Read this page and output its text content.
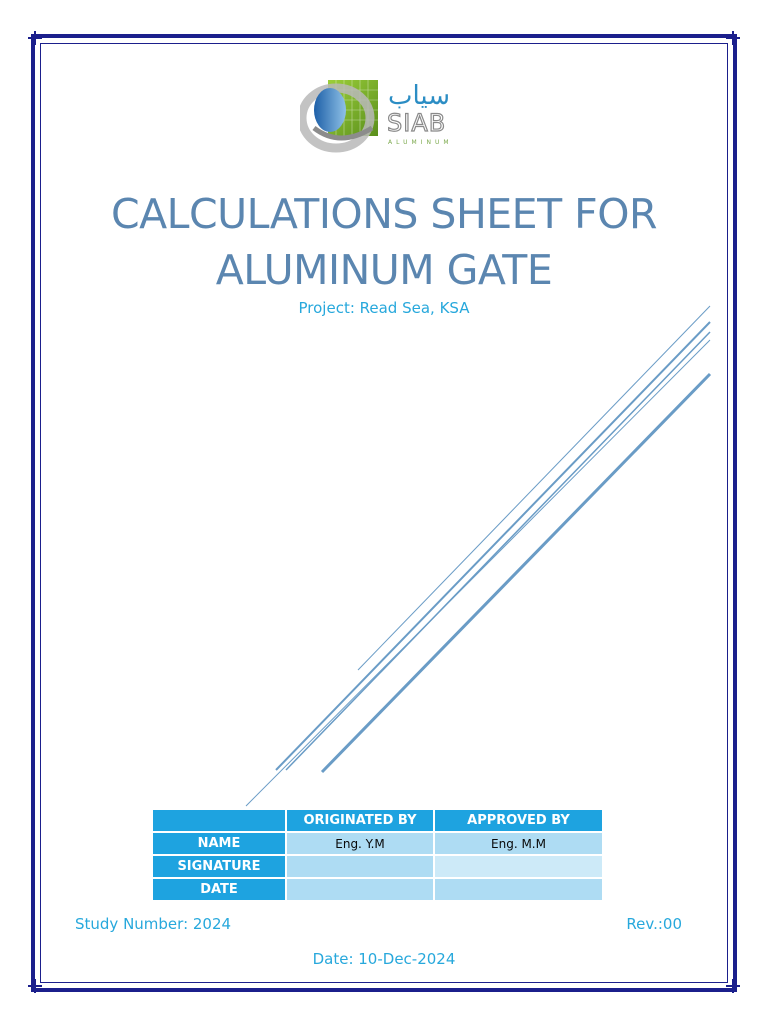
سياب
SIAB
ALUMINUM
CALCULATIONS SHEET FOR
ALUMINUM GATE
Project: Read Sea, KSA
	ORIGINATED BY	APPROVED BY
NAME	Eng. Y.M	Eng. M.M
SIGNATURE		
DATE		
Study Number: 2024	Rev.:00
Date: 10-Dec-2024
